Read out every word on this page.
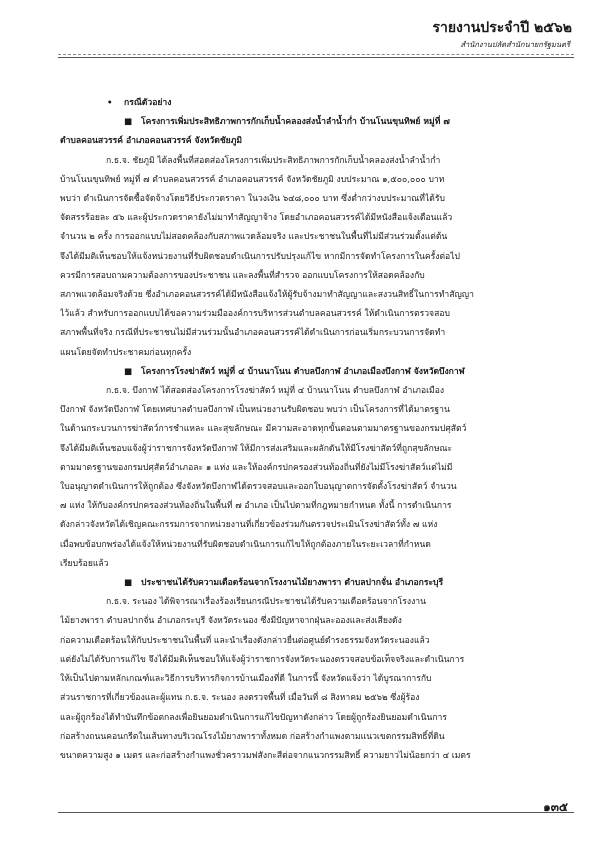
รายงานประจำปี ๒๕๖๒
สำนักงานปลัดสำนักนายกรัฐมนตรี
• กรณีตัวอย่าง
■ โครงการเพิ่มประสิทธิภาพการกักเก็บน้ำคลองส่งน้ำลำน้ำก่ำ บ้านโนนขุนทิพย์ หมู่ที่ ๗
ตำบลคอนสวรรค์ อำเภอคอนสวรรค์ จังหวัดชัยภูมิ
ก.ธ.จ. ชัยภูมิ ได้ลงพื้นที่สอดส่องโครงการเพิ่มประสิทธิภาพการกักเก็บน้ำคลองส่งน้ำลำน้ำก่ำ
บ้านโนนขุนทิพย์ หมู่ที่ ๗ ตำบลคอนสวรรค์ อำเภอคอนสวรรค์ จังหวัดชัยภูมิ งบประมาณ ๑,๕๐๐,๐๐๐ บาท
พบว่า ดำเนินการจัดซื้อจัดจ้างโดยวิธีประกวดราคา ในวงเงิน ๖๔๘,๐๐๐ บาท ซึ่งต่ำกว่างบประมาณที่ได้รับ
จัดสรรร้อยละ ๕๖ และผู้ประกวดราคายังไม่มาทำสัญญาจ้าง โดยอำเภอคอนสวรรค์ได้มีหนังสือแจ้งเตือนแล้ว
จำนวน ๒ ครั้ง การออกแบบไม่สอดคล้องกับสภาพแวดล้อมจริง และประชาชนในพื้นที่ไม่มีส่วนร่วมตั้งแต่ต้น
จึงได้มีมติเห็นชอบให้แจ้งหน่วยงานที่รับผิดชอบดำเนินการปรับปรุงแก้ไข หากมีการจัดทำโครงการในครั้งต่อไป
ควรมีการสอบถามความต้องการของประชาชน และลงพื้นที่สำรวจ ออกแบบโครงการให้สอดคล้องกับ
สภาพแวดล้อมจริงด้วย ซึ่งอำเภอคอนสวรรค์ได้มีหนังสือแจ้งให้ผู้รับจ้างมาทำสัญญาและสงวนสิทธิ์ในการทำสัญญา
ไว้แล้ว สำหรับการออกแบบได้ขอความร่วมมือองค์การบริหารส่วนตำบลคอนสวรรค์ ให้ดำเนินการตรวจสอบ
สภาพพื้นที่จริง กรณีที่ประชาชนไม่มีส่วนร่วมนั้นอำเภอคอนสวรรค์ได้ดำเนินการก่อนเริ่มกระบวนการจัดทำ
แผนโดยจัดทำประชาคมก่อนทุกครั้ง
■ โครงการโรงฆ่าสัตว์ หมู่ที่ ๔ บ้านนาโนน ตำบลบึงกาฬ อำเภอเมืองบึงกาฬ จังหวัดบึงกาฬ
ก.ธ.จ. บึงกาฬ ได้สอดส่องโครงการโรงฆ่าสัตว์ หมู่ที่ ๔ บ้านนาโนน ตำบลบึงกาฬ อำเภอเมือง
บึงกาฬ จังหวัดบึงกาฬ โดยเทศบาลตำบลบึงกาฬ เป็นหน่วยงานรับผิดชอบ พบว่า เป็นโครงการที่ได้มาตรฐาน
ในด้านกระบวนการฆ่าสัตว์การชำแหละ และสุขลักษณะ มีความสะอาดทุกขั้นตอนตามมาตรฐานของกรมปศุสัตว์
จึงได้มีมติเห็นชอบแจ้งผู้ว่าราชการจังหวัดบึงกาฬ ให้มีการส่งเสริมและผลักดันให้มีโรงฆ่าสัตว์ที่ถูกสุขลักษณะ
ตามมาตรฐานของกรมปศุสัตว์อำเภอละ ๑ แห่ง และให้องค์กรปกครองส่วนท้องถิ่นที่ยังไม่มีโรงฆ่าสัตว์แต่ไม่มี
ใบอนุญาตดำเนินการให้ถูกต้อง ซึ่งจังหวัดบึงกาฬได้ตรวจสอบและออกใบอนุญาตการจัดตั้งโรงฆ่าสัตว์ จำนวน
๗ แห่ง ให้กับองค์กรปกครองส่วนท้องถิ่นในพื้นที่ ๗ อำเภอ เป็นไปตามที่กฎหมายกำหนด ทั้งนี้ การดำเนินการ
ดังกล่าวจังหวัดได้เชิญคณะกรรมการจากหน่วยงานที่เกี่ยวข้องร่วมกันตรวจประเมินโรงฆ่าสัตว์ทั้ง ๗ แห่ง
เมื่อพบข้อบกพร่องได้แจ้งให้หน่วยงานที่รับผิดชอบดำเนินการแก้ไขให้ถูกต้องภายในระยะเวลาที่กำหนด
เรียบร้อยแล้ว
■ ประชาชนได้รับความเดือดร้อนจากโรงงานไม้ยางพารา ตำบลปากจั่น อำเภอกระบุรี
ก.ธ.จ. ระนอง ได้พิจารณาเรื่องร้องเรียนกรณีประชาชนได้รับความเดือดร้อนจากโรงงาน
ไม้ยางพารา ตำบลปากจั่น อำเภอกระบุรี จังหวัดระนอง ซึ่งมีปัญหาจากฝุ่นละอองและส่งเสียงดัง
ก่อความเดือดร้อนให้กับประชาชนในพื้นที่ และนำเรื่องดังกล่าวยื่นต่อศูนย์ดำรงธรรมจังหวัดระนองแล้ว
แต่ยังไม่ได้รับการแก้ไข จึงได้มีมติเห็นชอบให้แจ้งผู้ว่าราชการจังหวัดระนองตรวจสอบข้อเท็จจริงและดำเนินการ
ให้เป็นไปตามหลักเกณฑ์และวิธีการบริหารกิจการบ้านเมืองที่ดี ในการนี้ จังหวัดแจ้งว่า ได้บูรณาการกับ
ส่วนราชการที่เกี่ยวข้องและผู้แทน ก.ธ.จ. ระนอง ลงตรวจพื้นที่ เมื่อวันที่ ๘ สิงหาคม ๒๕๖๒ ซึ่งผู้ร้อง
และผู้ถูกร้องได้ทำบันทึกข้อตกลงเพื่อยินยอมดำเนินการแก้ไขปัญหาดังกล่าว โดยผู้ถูกร้องยินยอมดำเนินการ
ก่อสร้างถนนคอนกรีตในเส้นทางบริเวณโรงไม้ยางพาราทั้งหมด ก่อสร้างกำแพงตามแนวเขตกรรมสิทธิ์ที่ดิน
ขนาดความสูง ๑ เมตร และก่อสร้างกำแพงชั่วคราวมฟสังกะสีต่อจากแนวกรรมสิทธิ์ ความยาวไม่น้อยกว่า ๔ เมตร
๑๓๕
